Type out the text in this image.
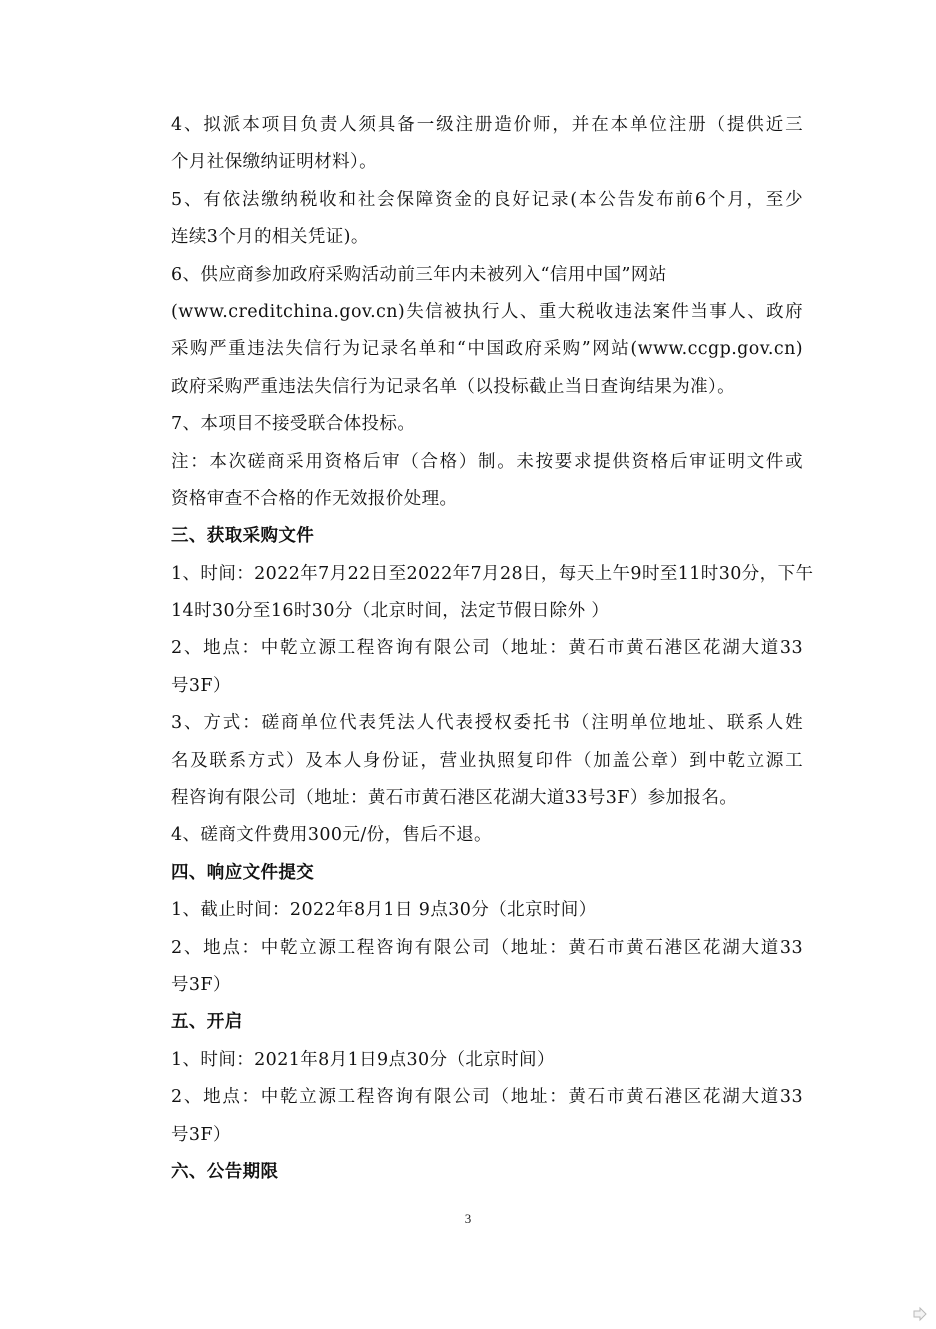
4、拟派本项目负责人须具备一级注册造价师，并在本单位注册（提供近三
个月社保缴纳证明材料）。
5、有依法缴纳税收和社会保障资金的良好记录(本公告发布前6个月，至少
连续3个月的相关凭证)。
6、供应商参加政府采购活动前三年内未被列入“信用中国”网站
(www.creditchina.gov.cn)失信被执行人、重大税收违法案件当事人、政府
采购严重违法失信行为记录名单和“中国政府采购”网站(www.ccgp.gov.cn)
政府采购严重违法失信行为记录名单（以投标截止当日查询结果为准）。
7、本项目不接受联合体投标。
注：本次磋商采用资格后审（合格）制。未按要求提供资格后审证明文件或
资格审查不合格的作无效报价处理。
三、获取采购文件
1、时间：2022年7月22日至2022年7月28日，每天上午9时至11时30分，下午
14时30分至16时30分（北京时间，法定节假日除外 ）
2、地点：中乾立源工程咨询有限公司（地址：黄石市黄石港区花湖大道33
号3F）
3、方式：磋商单位代表凭法人代表授权委托书（注明单位地址、联系人姓
名及联系方式）及本人身份证，营业执照复印件（加盖公章）到中乾立源工
程咨询有限公司（地址：黄石市黄石港区花湖大道33号3F）参加报名。
4、磋商文件费用300元/份，售后不退。
四、响应文件提交
1、截止时间：2022年8月1日 9点30分（北京时间）
2、地点：中乾立源工程咨询有限公司（地址：黄石市黄石港区花湖大道33
号3F）
五、开启
1、时间：2021年8月1日9点30分（北京时间）
2、地点：中乾立源工程咨询有限公司（地址：黄石市黄石港区花湖大道33
号3F）
六、公告期限
3
